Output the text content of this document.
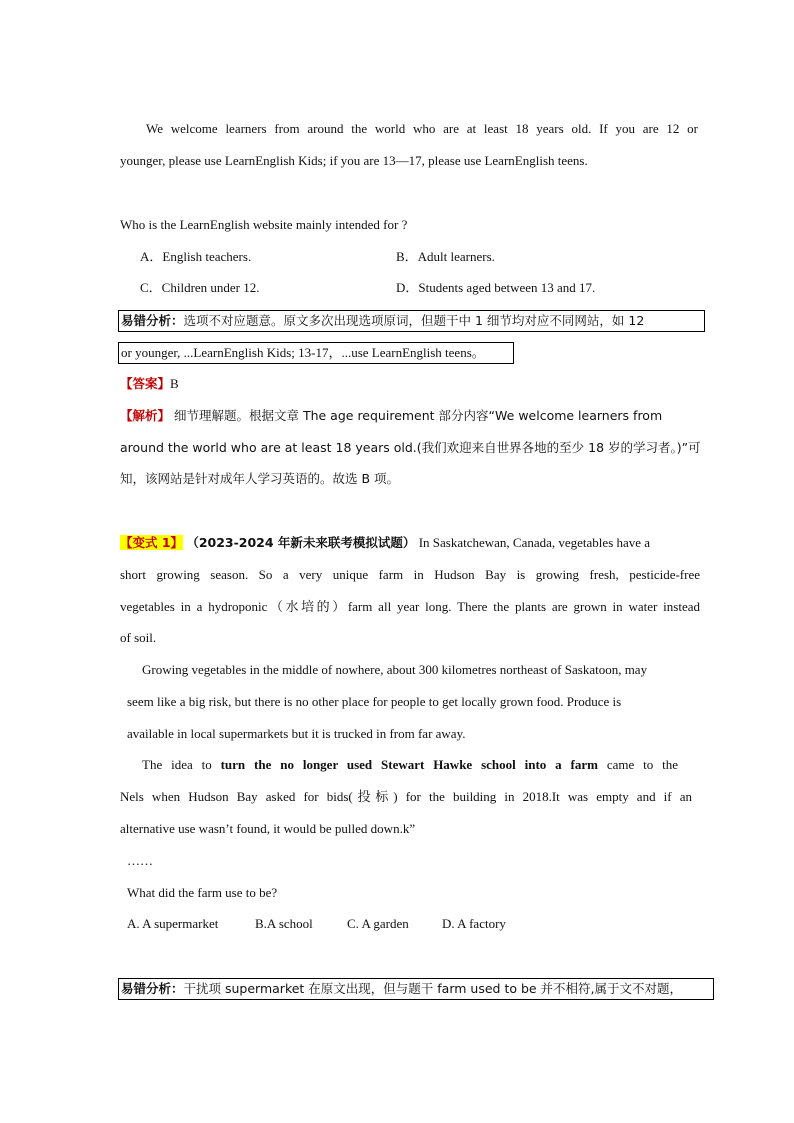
We welcome learners from around the world who are at least 18 years old. If you are 12 or
younger, please use LearnEnglish Kids; if you are 13—17, please use LearnEnglish teens.
Who is the LearnEnglish website mainly intended for ?
A．English teachers.	B．Adult learners.
C．Children under 12.	D．Students aged between 13 and 17.
易错分析：选项不对应题意。原文多次出现选项原词，但题干中 1 细节均对应不同网站，如 12
or younger, ...LearnEnglish Kids; 13-17，...use LearnEnglish teens。
【答案】B
【解析】 细节理解题。根据文章 The age requirement 部分内容“We welcome learners from
around the world who are at least 18 years old.(我们欢迎来自世界各地的至少 18 岁的学习者。)”可
知，该网站是针对成年人学习英语的。故选 B 项。
【变式 1】 （2023-2024 年新未来联考模拟试题） In Saskatchewan, Canada, vegetables have a
short growing season. So a very unique farm in Hudson Bay is growing fresh, pesticide-free
vegetables in a hydroponic（水培的）farm all year long. There the plants are grown in water instead
of soil.
Growing vegetables in the middle of nowhere, about 300 kilometres northeast of Saskatoon, may
seem like a big risk, but there is no other place for people to get locally grown food. Produce is
available in local supermarkets but it is trucked in from far away.
The idea to turn the no longer used Stewart Hawke school into a farm came to the
Nels when Hudson Bay asked for bids(投标) for the building in 2018.It was empty and if an
alternative use wasn’t found, it would be pulled down.k”
……
What did the farm use to be?
A. A supermarket	B.A school	C. A garden	D. A factory
易错分析：干扰项 supermarket 在原文出现，但与题干 farm used to be 并不相符,属于文不对题，
